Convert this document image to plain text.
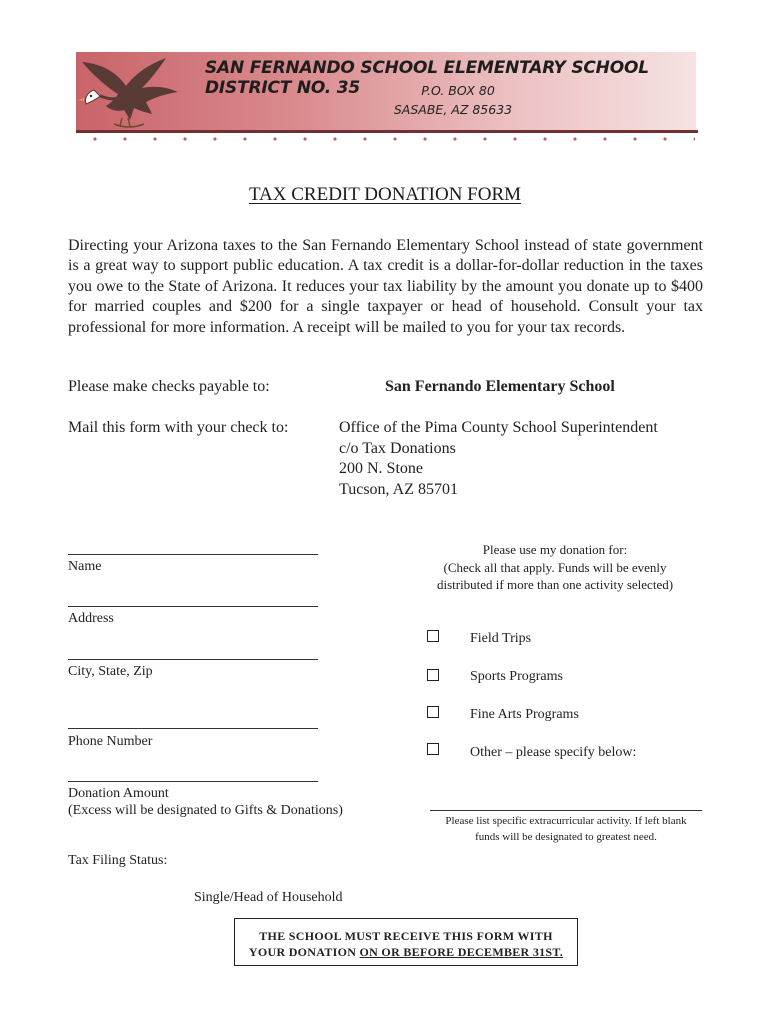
SAN FERNANDO SCHOOL ELEMENTARY SCHOOL DISTRICT NO. 35	P.O. BOX 80
SASABE, AZ 85633
TAX CREDIT DONATION FORM
Directing your Arizona taxes to the San Fernando Elementary School instead of state government is a great way to support public education. A tax credit is a dollar-for-dollar reduction in the taxes you owe to the State of Arizona. It reduces your tax liability by the amount you donate up to $400 for married couples and $200 for a single taxpayer or head of household. Consult your tax professional for more information. A receipt will be mailed to you for your tax records.
Please make checks payable to:	San Fernando Elementary School
Mail this form with your check to:	Office of the Pima County School Superintendent
c/o Tax Donations
200 N. Stone
Tucson, AZ 85701
Name
Address
City, State, Zip
Phone Number
Donation Amount
(Excess will be designated to Gifts & Donations)
Tax Filing Status:
Single/Head of Household
Please use my donation for:
(Check all that apply. Funds will be evenly
distributed if more than one activity selected)
Field Trips
Sports Programs
Fine Arts Programs
Other – please specify below:
Please list specific extracurricular activity. If left blank
funds will be designated to greatest need.
THE SCHOOL MUST RECEIVE THIS FORM WITH
YOUR DONATION ON OR BEFORE DECEMBER 31ST.
